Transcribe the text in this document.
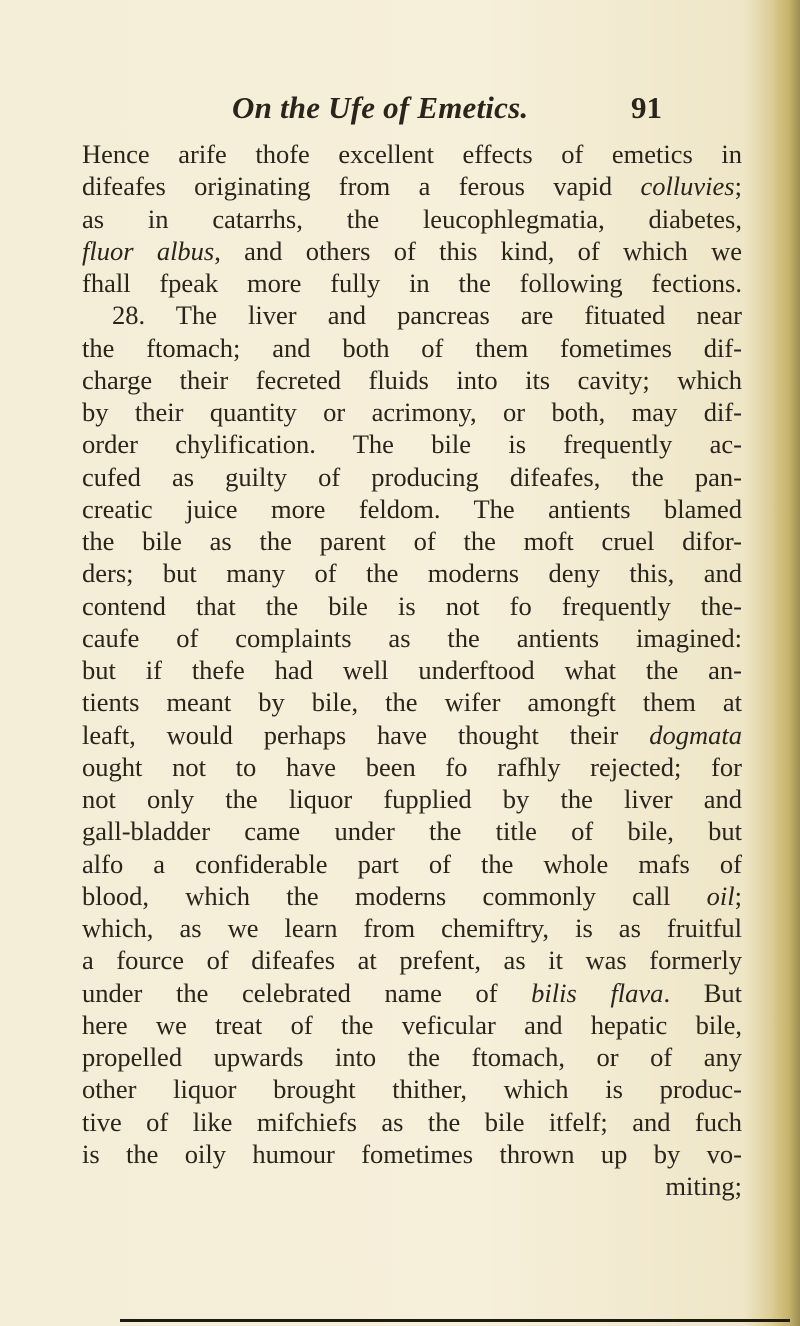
On the Ufe of Emetics.	91
Hence arife thofe excellent effects of emetics in
difeafes originating from a ferous vapid colluvies;
as in catarrhs, the leucophlegmatia, diabetes,
fluor albus, and others of this kind, of which we
fhall fpeak more fully in the following fections.
28. The liver and pancreas are fituated near
the ftomach; and both of them fometimes dif-
charge their fecreted fluids into its cavity; which
by their quantity or acrimony, or both, may dif-
order chylification. The bile is frequently ac-
cufed as guilty of producing difeafes, the pan-
creatic juice more feldom. The antients blamed
the bile as the parent of the moft cruel difor-
ders; but many of the moderns deny this, and
contend that the bile is not fo frequently the-
caufe of complaints as the antients imagined:
but if thefe had well underftood what the an-
tients meant by bile, the wifer amongft them at
leaft, would perhaps have thought their dogmata
ought not to have been fo rafhly rejected; for
not only the liquor fupplied by the liver and
gall-bladder came under the title of bile, but
alfo a confiderable part of the whole mafs of
blood, which the moderns commonly call oil;
which, as we learn from chemiftry, is as fruitful
a fource of difeafes at prefent, as it was formerly
under the celebrated name of bilis flava. But
here we treat of the veficular and hepatic bile,
propelled upwards into the ftomach, or of any
other liquor brought thither, which is produc-
tive of like mifchiefs as the bile itfelf; and fuch
is the oily humour fometimes thrown up by vo-
miting;
